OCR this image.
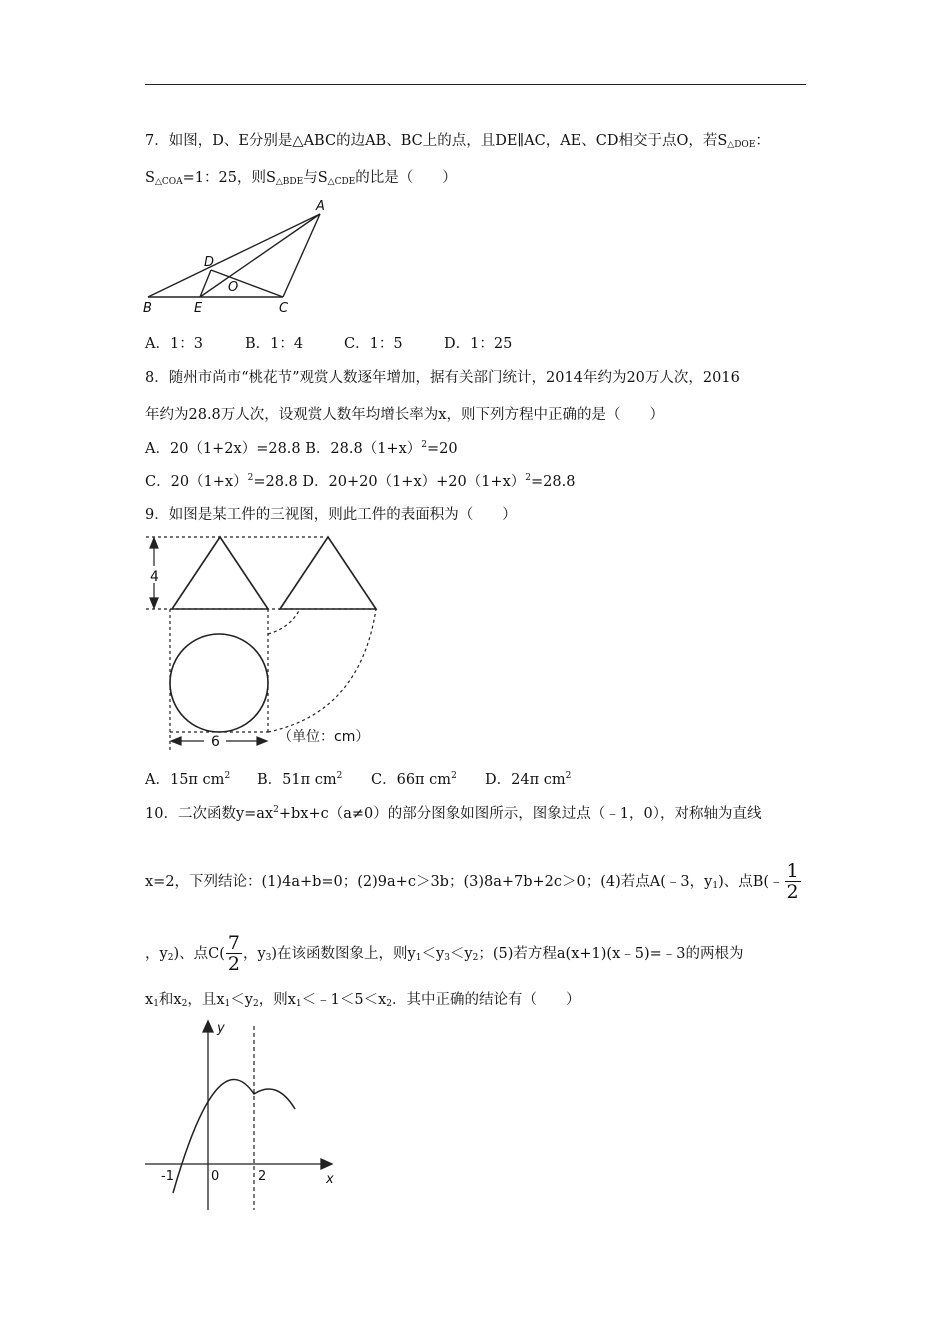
7．如图，D、E分别是△ABC的边AB、BC上的点，且DE∥AC，AE、CD相交于点O，若$S_{\triangle DOE}$：
$S_{\triangle COA}=1$：25，则$S_{\triangle BDE}$与$S_{\triangle CDE}$的比是（　　）
A
B	C
D
E
O
A．1：3	B．1：4	C．1：5	D．1：25
8．随州市尚市“桃花节”观赏人数逐年增加，据有关部门统计，2014年约为20万人次，2016
年约为28.8万人次，设观赏人数年均增长率为x，则下列方程中正确的是（　　）
A．20（1+2x）=28.8 B．$28.8(1+x)^2=20$
C．$20(1+x)^2=28.8$ D．$20+20(1+x)+20(1+x)^2=28.8$
9．如图是某工件的三视图，则此工件的表面积为（　　）
4
6	（单位：cm）
A．15π $cm^2$ B．51π $cm^2$ C．66π $cm^2$ D．24π $cm^2$
10．二次函数$y=ax^2+bx+c(a\ne 0)$的部分图象如图所示，图象过点（﹣1，0），对称轴为直线
x=2，下列结论：(1)4a+b=0；(2)9a+c＞3b；(3)8a+7b+2c＞0；(4)若点A(﹣3，$y_1$)、点B(﹣ $\frac{1}{2}$
，$y_2$)、点$C( \frac{7}{2}$ ，$y_3$)在该函数图象上，则$y_1<y_3<y_2$；(5)若方程a(x+1)(x﹣5)=﹣3的两根为
$x_1$和$x_2$，且$x_1<y_2$，则$x_1<﹣1<5<x_2$．其中正确的结论有（　　）
y
x
-1	0	2
